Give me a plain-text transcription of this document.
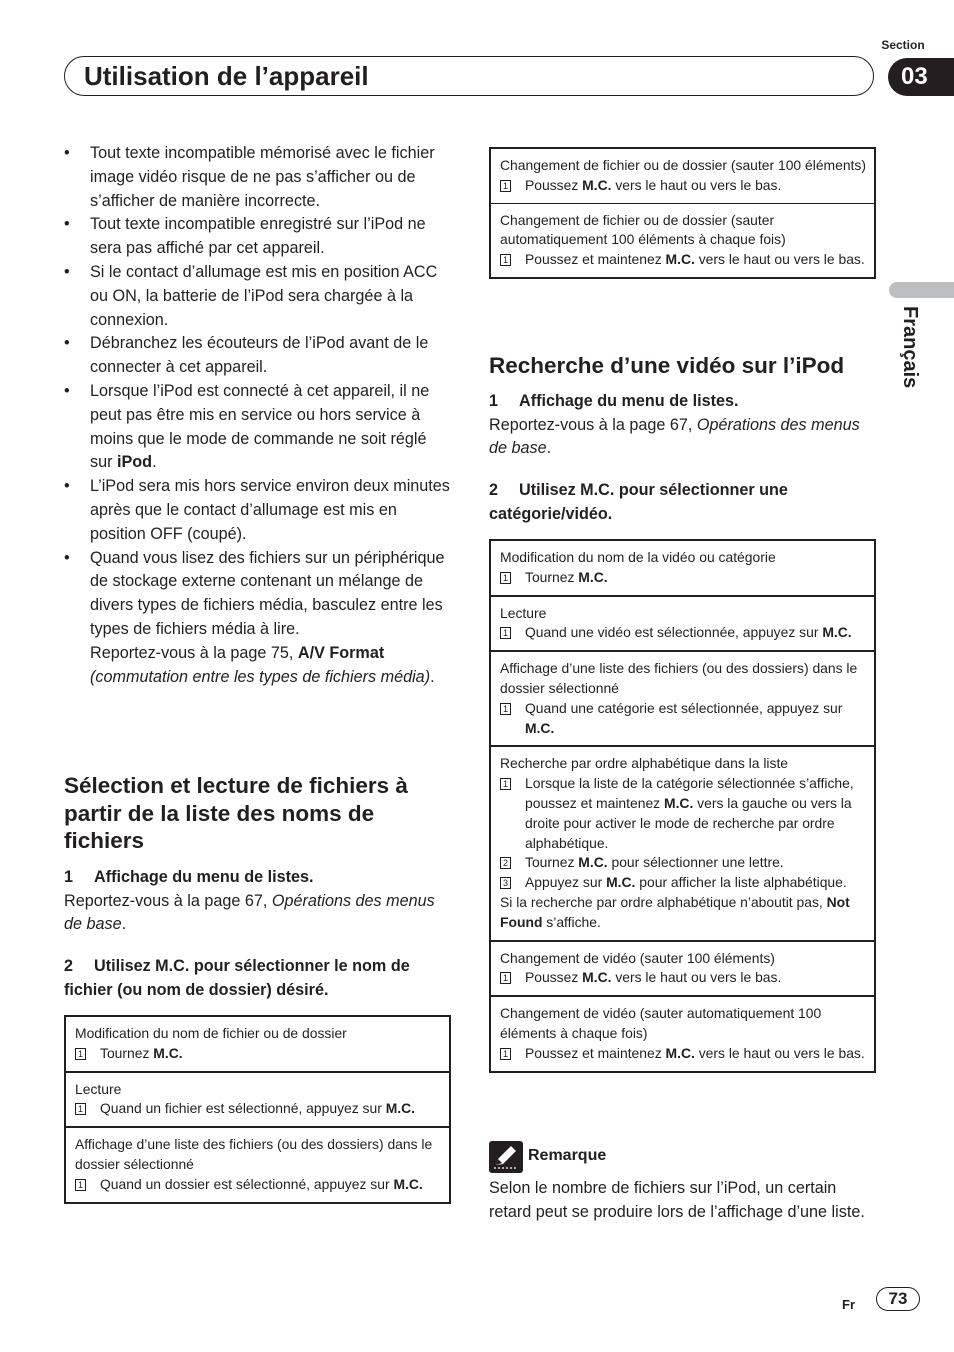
Utilisation de l’appareil
Section
03
Français
• Tout texte incompatible mémorisé avec le fichier image vidéo risque de ne pas s’afficher ou de s’afficher de manière incorrecte.
• Tout texte incompatible enregistré sur l’iPod ne sera pas affiché par cet appareil.
• Si le contact d’allumage est mis en position ACC ou ON, la batterie de l’iPod sera chargée à la connexion.
• Débranchez les écouteurs de l’iPod avant de le connecter à cet appareil.
• Lorsque l’iPod est connecté à cet appareil, il ne peut pas être mis en service ou hors service à moins que le mode de commande ne soit réglé sur iPod.
• L’iPod sera mis hors service environ deux minutes après que le contact d’allumage est mis en position OFF (coupé).
• Quand vous lisez des fichiers sur un périphérique de stockage externe contenant un mélange de divers types de fichiers média, basculez entre les types de fichiers média à lire.
Reportez-vous à la page 75, A/V Format
(commutation entre les types de fichiers média).
Sélection et lecture de fichiers à partir de la liste des noms de fichiers

1 Affichage du menu de listes.

Reportez-vous à la page 67, Opérations des menus de base.

2 Utilisez M.C. pour sélectionner le nom de fichier (ou nom de dossier) désiré.

Modification du nom de fichier ou de dossier
1 Tournez M.C.
Lecture
1 Quand un fichier est sélectionné, appuyez sur M.C.
Affichage d’une liste des fichiers (ou des dossiers) dans le dossier sélectionné
1 Quand un dossier est sélectionné, appuyez sur M.C.
Changement de fichier ou de dossier (sauter 100 éléments)
1 Poussez M.C. vers le haut ou vers le bas.
Changement de fichier ou de dossier (sauter automatiquement 100 éléments à chaque fois)
1 Poussez et maintenez M.C. vers le haut ou vers le bas.
Recherche d’une vidéo sur l’iPod

1 Affichage du menu de listes.

Reportez-vous à la page 67, Opérations des menus de base.

2 Utilisez M.C. pour sélectionner une catégorie/vidéo.

Modification du nom de la vidéo ou catégorie
1 Tournez M.C.
Lecture
1 Quand une vidéo est sélectionnée, appuyez sur M.C.
Affichage d’une liste des fichiers (ou des dossiers) dans le dossier sélectionné
1 Quand une catégorie est sélectionnée, appuyez sur M.C.
Recherche par ordre alphabétique dans la liste
1 Lorsque la liste de la catégorie sélectionnée s’affiche, poussez et maintenez M.C. vers la gauche ou vers la droite pour activer le mode de recherche par ordre alphabétique.
2 Tournez M.C. pour sélectionner une lettre.
3 Appuyez sur M.C. pour afficher la liste alphabétique.
Si la recherche par ordre alphabétique n’aboutit pas, Not Found s’affiche.
Changement de vidéo (sauter 100 éléments)
1 Poussez M.C. vers le haut ou vers le bas.
Changement de vidéo (sauter automatiquement 100 éléments à chaque fois)
1 Poussez et maintenez M.C. vers le haut ou vers le bas.
Remarque
Selon le nombre de fichiers sur l’iPod, un certain retard peut se produire lors de l’affichage d’une liste.
Fr	73
